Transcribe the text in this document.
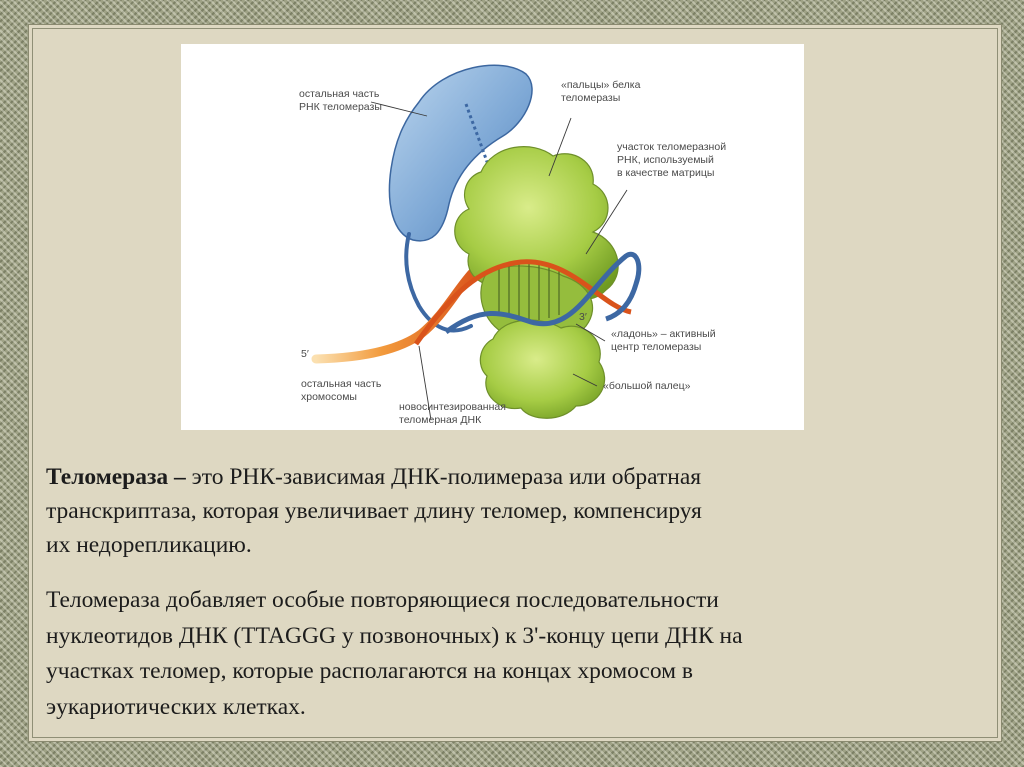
остальная часть
РНК теломеразы
«пальцы» белка
теломеразы
участок теломеразной
РНК, используемый
в качестве матрицы
«ладонь» – активный
центр теломеразы
«большой палец»
остальная часть
хромосомы
новосинтезированная
теломерная ДНК
5′
3′
Теломераза – это РНК-зависимая ДНК-полимераза или обратная
транскриптаза, которая увеличивает длину теломер, компенсируя
их недорепликацию.
Теломераза добавляет особые повторяющиеся последовательности
нуклеотидов ДНК (TTAGGG у позвоночных) к 3'-концу цепи ДНК на
участках теломер, которые располагаются на концах хромосом в
эукариотических клетках.
